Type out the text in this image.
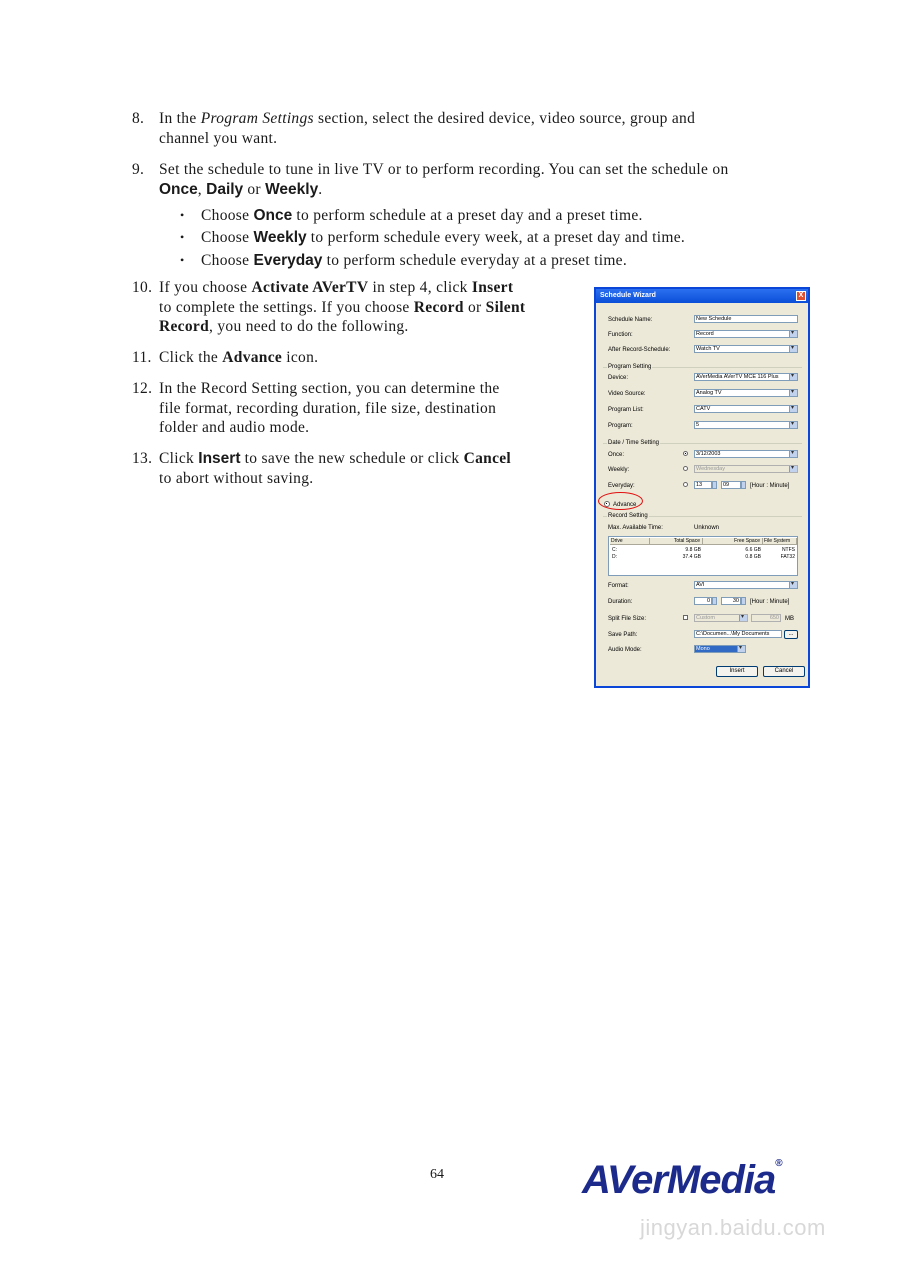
8. In the Program Settings section, select the desired device, video source, group and
channel you want.
9. Set the schedule to tune in live TV or to perform recording. You can set the schedule on
Once, Daily or Weekly.
• Choose Once to perform schedule at a preset day and a preset time.
• Choose Weekly to perform schedule every week, at a preset day and time.
• Choose Everyday to perform schedule everyday at a preset time.
10. If you choose Activate AVerTV in step 4, click Insert
to complete the settings. If you choose Record or Silent
Record, you need to do the following.
11. Click the Advance icon.
12. In the Record Setting section, you can determine the
file format, recording duration, file size, destination
folder and audio mode.
13. Click Insert to save the new schedule or click Cancel
to abort without saving.
Schedule Wizard	X
Schedule Name:	New Schedule
Function:	Record
▾
After Record-Schedule:	Watch TV
▾
Program Setting
Device:	AVerMedia AVerTV MCE 116 Plus
▾
Video Source:	Analog TV
▾
Program List:	CATV
▾
Program:	5
▾
Date / Time Setting
Once:	3/12/2003
▾
Weekly:	Wednesday
▾
Everyday:	13	09	[Hour : Minute]
Advance
Record Setting
Max. Available Time:	Unknown
Drive	Total Space	Free Space File System
C:	9.8 GB	6.6 GB	NTFS
D:	37.4 GB	0.8 GB	FAT32
Format:	AVI
▾
Duration:	0	30	[Hour : Minute]
Split File Size:	Custom
▾	650	MB
Save Path:	C:\Documen...\My Documents	...
Audio Mode:	Mono
▾
Insert	Cancel
64	AVerMedia®
jingyan.baidu.com
